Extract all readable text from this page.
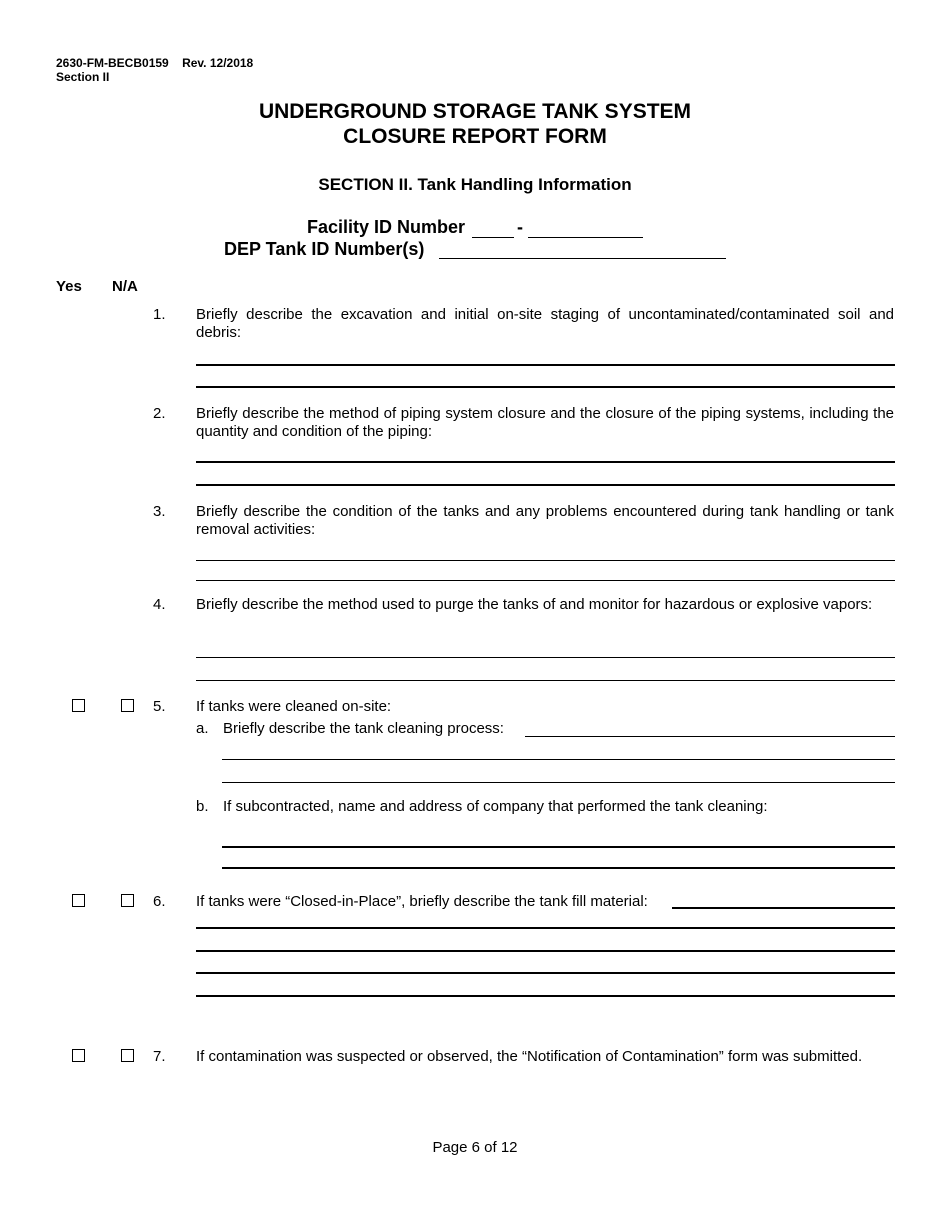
2630-FM-BECB0159 Rev. 12/2018
Section II
UNDERGROUND STORAGE TANK SYSTEM
CLOSURE REPORT FORM
SECTION II. Tank Handling Information
Facility ID Number	-
DEP Tank ID Number(s)
Yes N/A
1. Briefly describe the excavation and initial on-site staging of uncontaminated/contaminated soil and debris:
2. Briefly describe the method of piping system closure and the closure of the piping systems, including the quantity and condition of the piping:
3. Briefly describe the condition of the tanks and any problems encountered during tank handling or tank removal activities:
4. Briefly describe the method used to purge the tanks of and monitor for hazardous or explosive vapors:
5. If tanks were cleaned on-site:
a. Briefly describe the tank cleaning process:
b. If subcontracted, name and address of company that performed the tank cleaning:
6. If tanks were “Closed-in-Place”, briefly describe the tank fill material:
7. If contamination was suspected or observed, the “Notification of Contamination” form was submitted.
Page 6 of 12
